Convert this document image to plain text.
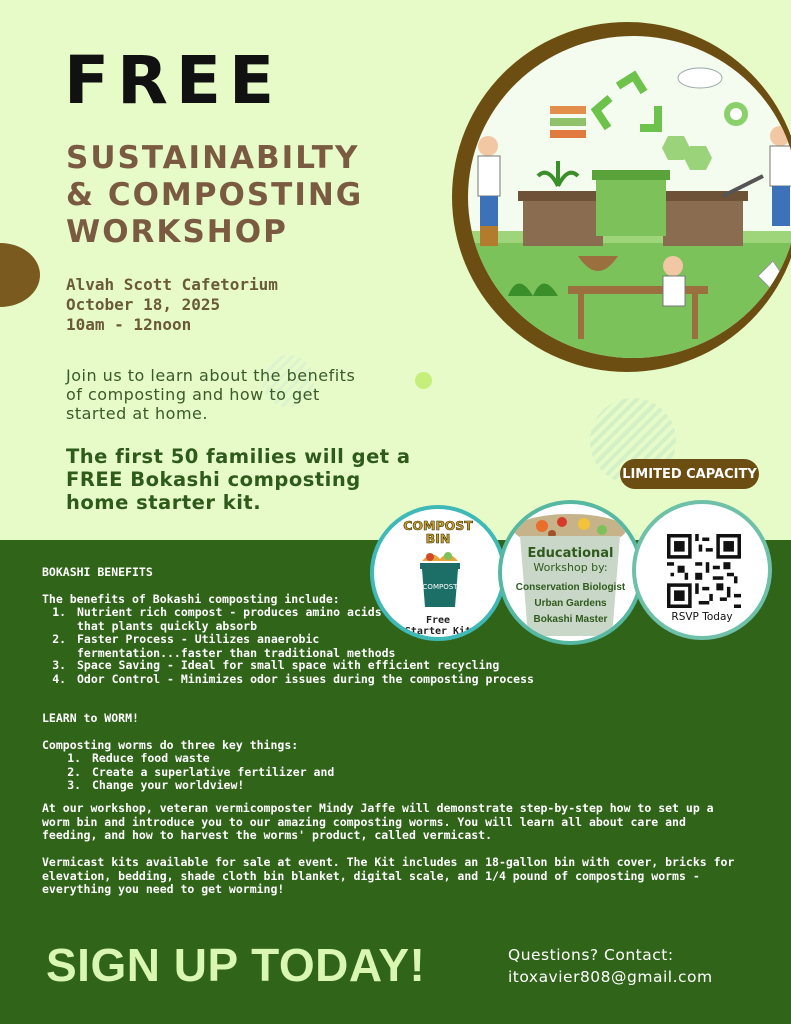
FREE
SUSTAINABILTY
& COMPOSTING
WORKSHOP
Alvah Scott Cafetorium
October 18, 2025
10am - 12noon
Join us to learn about the benefits of composting and how to get started at home.
The first 50 families will get a FREE Bokashi composting home starter kit.
LIMITED CAPACITY
COMPOST
BIN
COMPOST
Free
Starter Kit
Educational
Workshop by:
Conservation Biologist
Urban Gardens
Bokashi Master	RSVP Today
BOKASHI BENEFITS
The benefits of Bokashi composting include:
1. Nutrient rich compost - produces amino acids that plants quickly absorb
2. Faster Process - Utilizes anaerobic fermentation...faster than traditional methods
3. Space Saving - Ideal for small space with efficient recycling
4. Odor Control - Minimizes odor issues during the composting process
LEARN to WORM!
Composting worms do three key things:
1. Reduce food waste
2. Create a superlative fertilizer and
3. Change your worldview!
At our workshop, veteran vermicomposter Mindy Jaffe will demonstrate step-by-step how to set up a worm bin and introduce you to our amazing composting worms. You will learn all about care and feeding, and how to harvest the worms' product, called vermicast.
Vermicast kits available for sale at event. The Kit includes an 18-gallon bin with cover, bricks for elevation, bedding, shade cloth bin blanket, digital scale, and 1/4 pound of composting worms - everything you need to get worming!
SIGN UP TODAY!	Questions? Contact:
itoxavier808@gmail.com
